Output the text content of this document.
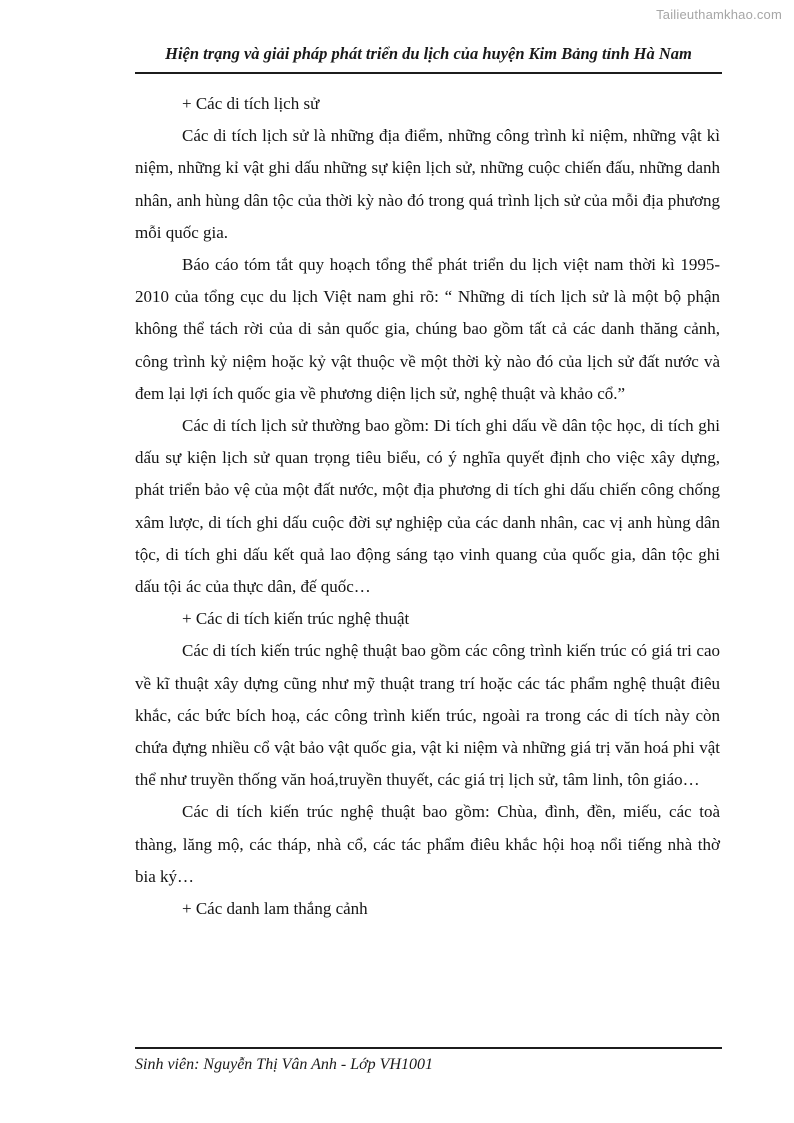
Tailieuthamkhao.com
Hiện trạng và giải pháp phát triển du lịch của huyện Kim Bảng tỉnh Hà Nam

+ Các di tích lịch sử

Các di tích lịch sử là những địa điểm, những công trình kỉ niệm, những vật kì niệm, những kỉ vật ghi dấu những sự kiện lịch sử, những cuộc chiến đấu, những danh nhân, anh hùng dân tộc của thời kỳ nào đó trong quá trình lịch sử của mỗi địa phương mỗi quốc gia.

Báo cáo tóm tắt quy hoạch tổng thể phát triển du lịch việt nam thời kì 1995- 2010 của tổng cục du lịch Việt nam ghi rõ: “ Những di tích lịch sử là một bộ phận không thể tách rời của di sản quốc gia, chúng bao gồm tất cả các danh thăng cảnh, công trình kỷ niệm hoặc kỷ vật thuộc về một thời kỳ nào đó của lịch sử đất nước và đem lại lợi ích quốc gia về phương diện lịch sử, nghệ thuật và khảo cổ.”

Các di tích lịch sử thường bao gồm: Di tích ghi dấu về dân tộc học, di tích ghi dấu sự kiện lịch sử quan trọng tiêu biểu, có ý nghĩa quyết định cho việc xây dựng, phát triển bảo vệ của một đất nước, một địa phương di tích ghi dấu chiến công chống xâm lược, di tích ghi dấu cuộc đời sự nghiệp của các danh nhân, cac vị anh hùng dân tộc, di tích ghi dấu kết quả lao động sáng tạo vinh quang của quốc gia, dân tộc ghi dấu tội ác của thực dân, đế quốc…

+ Các di tích kiến trúc nghệ thuật

Các di tích kiến trúc nghệ thuật bao gồm các công trình kiến trúc có giá tri cao về kĩ thuật xây dựng cũng như mỹ thuật trang trí hoặc các tác phẩm nghệ thuật điêu khắc, các bức bích hoạ, các công trình kiến trúc, ngoài ra trong các di tích này còn chứa đựng nhiều cổ vật bảo vật quốc gia, vật ki niệm và những giá trị văn hoá phi vật thể như truyền thống văn hoá,truyền thuyết, các giá trị lịch sử, tâm linh, tôn giáo…

Các di tích kiến trúc nghệ thuật bao gồm: Chùa, đình, đền, miếu, các toà thàng, lăng mộ, các tháp, nhà cổ, các tác phẩm điêu khắc hội hoạ nổi tiếng nhà thờ bia ký…

+ Các danh lam thắng cảnh

Sinh viên: Nguyễn Thị Vân Anh - Lớp VH1001
